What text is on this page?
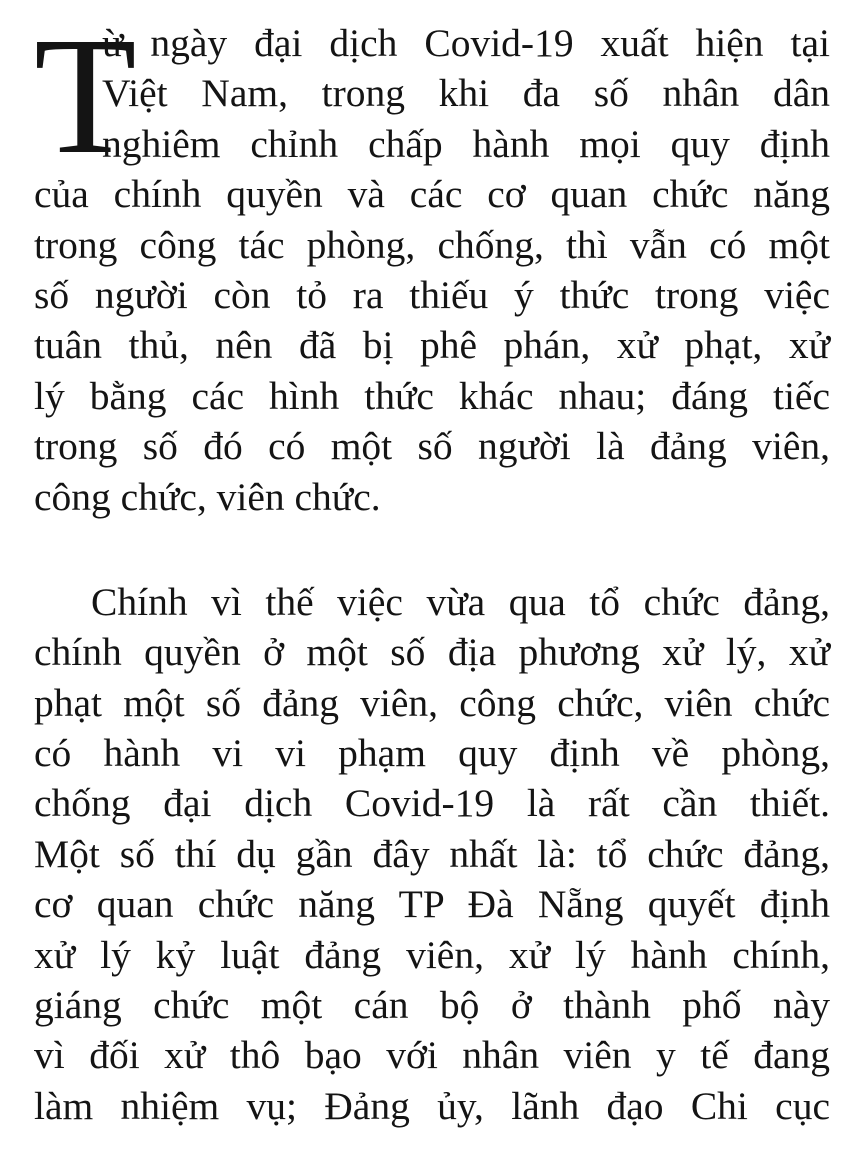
T
ừ ngày đại dịch Covid-19 xuất hiện tại
Việt Nam, trong khi đa số nhân dân
nghiêm chỉnh chấp hành mọi quy định
của chính quyền và các cơ quan chức năng
trong công tác phòng, chống, thì vẫn có một
số người còn tỏ ra thiếu ý thức trong việc
tuân thủ, nên đã bị phê phán, xử phạt, xử
lý bằng các hình thức khác nhau; đáng tiếc
trong số đó có một số người là đảng viên,
công chức, viên chức.
Chính vì thế việc vừa qua tổ chức đảng,
chính quyền ở một số địa phương xử lý, xử
phạt một số đảng viên, công chức, viên chức
có hành vi vi phạm quy định về phòng,
chống đại dịch Covid-19 là rất cần thiết.
Một số thí dụ gần đây nhất là: tổ chức đảng,
cơ quan chức năng TP Đà Nẵng quyết định
xử lý kỷ luật đảng viên, xử lý hành chính,
giáng chức một cán bộ ở thành phố này
vì đối xử thô bạo với nhân viên y tế đang
làm nhiệm vụ; Đảng ủy, lãnh đạo Chi cục
